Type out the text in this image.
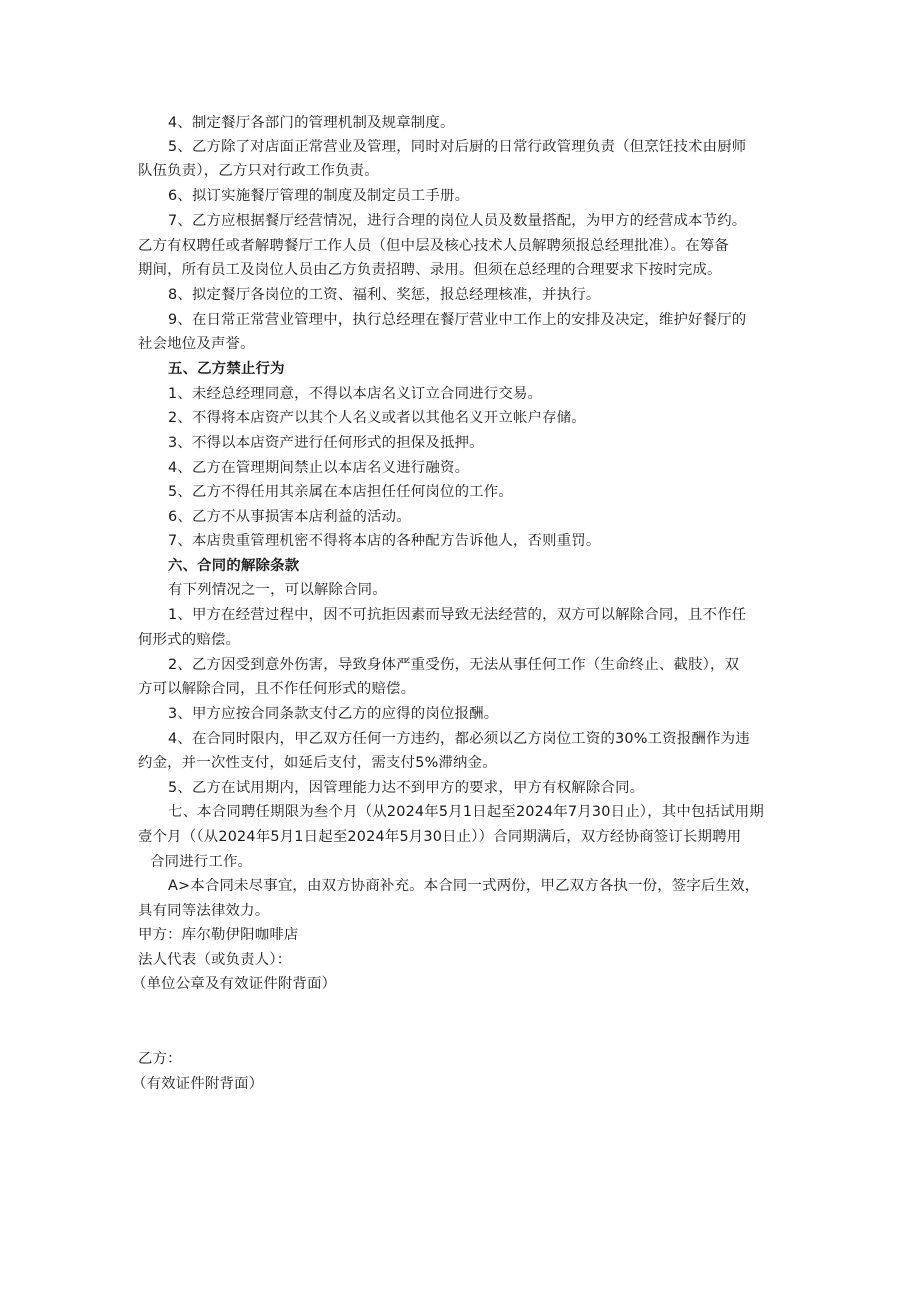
4、制定餐厅各部门的管理机制及规章制度。
5、乙方除了对店面正常营业及管理，同时对后厨的日常行政管理负责（但烹饪技术由厨师
队伍负责），乙方只对行政工作负责。
6、拟订实施餐厅管理的制度及制定员工手册。
7、乙方应根据餐厅经营情况，进行合理的岗位人员及数量搭配，为甲方的经营成本节约。
乙方有权聘任或者解聘餐厅工作人员（但中层及核心技术人员解聘须报总经理批准）。在筹备
期间，所有员工及岗位人员由乙方负责招聘、录用。但须在总经理的合理要求下按时完成。
8、拟定餐厅各岗位的工资、福利、奖惩，报总经理核准，并执行。
9、在日常正常营业管理中，执行总经理在餐厅营业中工作上的安排及决定，维护好餐厅的
社会地位及声誉。
五、乙方禁止行为
1、未经总经理同意，不得以本店名义订立合同进行交易。
2、不得将本店资产以其个人名义或者以其他名义开立帐户存储。
3、不得以本店资产进行任何形式的担保及抵押。
4、乙方在管理期间禁止以本店名义进行融资。
5、乙方不得任用其亲属在本店担任任何岗位的工作。
6、乙方不从事损害本店利益的活动。
7、本店贵重管理机密不得将本店的各种配方告诉他人，否则重罚。
六、合同的解除条款
有下列情况之一，可以解除合同。
1、甲方在经营过程中，因不可抗拒因素而导致无法经营的，双方可以解除合同，且不作任
何形式的赔偿。
2、乙方因受到意外伤害，导致身体严重受伤，无法从事任何工作（生命终止、截肢），双
方可以解除合同，且不作任何形式的赔偿。
3、甲方应按合同条款支付乙方的应得的岗位报酬。
4、在合同时限内，甲乙双方任何一方违约，都必须以乙方岗位工资的30%工资报酬作为违
约金，并一次性支付，如延后支付，需支付5%滞纳金。
5、乙方在试用期内，因管理能力达不到甲方的要求，甲方有权解除合同。
七、本合同聘任期限为叁个月（从2024年5月1日起至2024年7月30日止），其中包括试用期
壹个月（（从2024年5月1日起至2024年5月30日止））合同期满后，双方经协商签订长期聘用
合同进行工作。
A>本合同未尽事宜，由双方协商补充。本合同一式两份，甲乙双方各执一份，签字后生效，
具有同等法律效力。
甲方：库尔勒伊阳咖啡店
法人代表（或负责人）：
（单位公章及有效证件附背面）
乙方：
（有效证件附背面）
